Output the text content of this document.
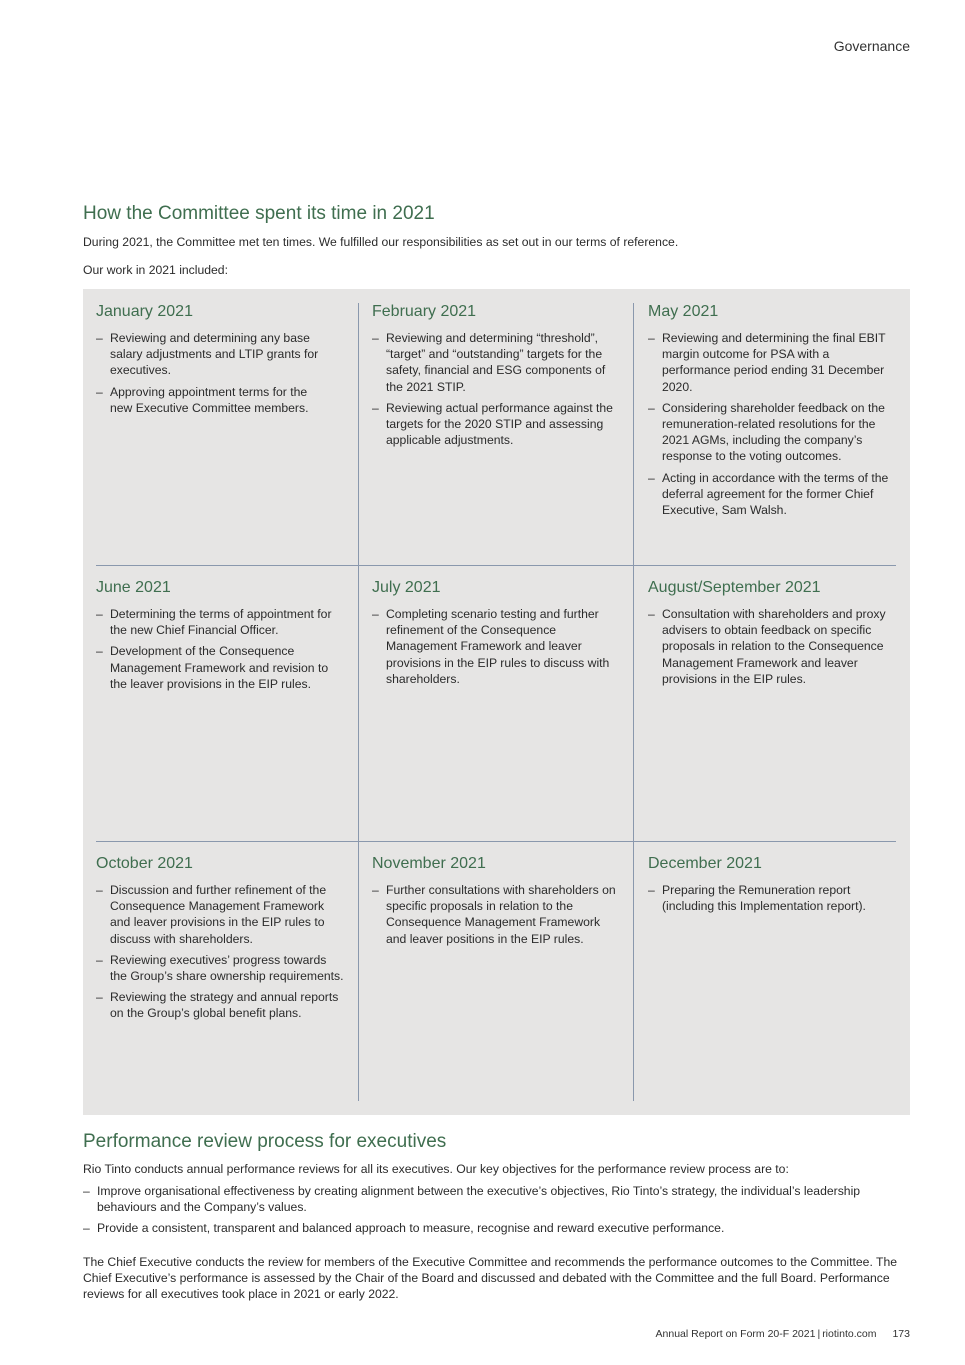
Governance
How the Committee spent its time in 2021

During 2021, the Committee met ten times. We fulfilled our responsibilities as set out in our terms of reference.

Our work in 2021 included:

January 2021
– Reviewing and determining any base salary adjustments and LTIP grants for executives.
– Approving appointment terms for the new Executive Committee members.
February 2021
– Reviewing and determining “threshold”, “target” and “outstanding” targets for the safety, financial and ESG components of the 2021 STIP.
– Reviewing actual performance against the targets for the 2020 STIP and assessing applicable adjustments.
May 2021
– Reviewing and determining the final EBIT margin outcome for PSA with a performance period ending 31 December 2020.
– Considering shareholder feedback on the remuneration-related resolutions for the 2021 AGMs, including the company’s response to the voting outcomes.
– Acting in accordance with the terms of the deferral agreement for the former Chief Executive, Sam Walsh.
June 2021
– Determining the terms of appointment for the new Chief Financial Officer.
– Development of the Consequence Management Framework and revision to the leaver provisions in the EIP rules.
July 2021
– Completing scenario testing and further refinement of the Consequence Management Framework and leaver provisions in the EIP rules to discuss with shareholders.
August/September 2021
– Consultation with shareholders and proxy advisers to obtain feedback on specific proposals in relation to the Consequence Management Framework and leaver provisions in the EIP rules.
October 2021
– Discussion and further refinement of the Consequence Management Framework and leaver provisions in the EIP rules to discuss with shareholders.
– Reviewing executives’ progress towards the Group’s share ownership requirements.
– Reviewing the strategy and annual reports on the Group’s global benefit plans.
November 2021
– Further consultations with shareholders on specific proposals in relation to the Consequence Management Framework and leaver positions in the EIP rules.
December 2021
– Preparing the Remuneration report (including this Implementation report).
Performance review process for executives

Rio Tinto conducts annual performance reviews for all its executives. Our key objectives for the performance review process are to:

– Improve organisational effectiveness by creating alignment between the executive’s objectives, Rio Tinto’s strategy, the individual’s leadership behaviours and the Company’s values.
– Provide a consistent, transparent and balanced approach to measure, recognise and reward executive performance.

The Chief Executive conducts the review for members of the Executive Committee and recommends the performance outcomes to the Committee. The Chief Executive’s performance is assessed by the Chair of the Board and discussed and debated with the Committee and the full Board. Performance reviews for all executives took place in 2021 or early 2022.

Annual Report on Form 20-F 2021 | riotinto.com 173
